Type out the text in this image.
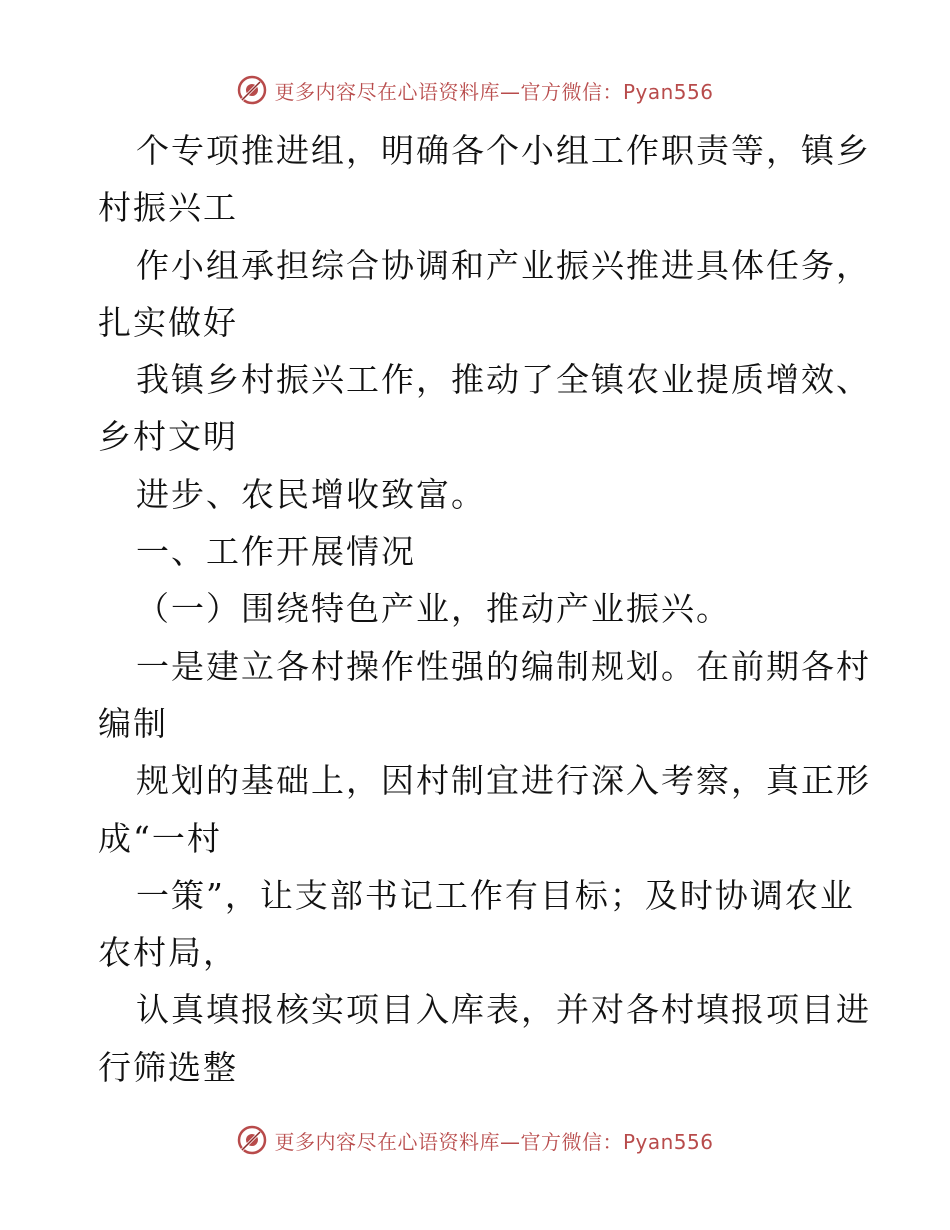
更多内容尽在心语资料库—官方微信：Pyan556
个专项推进组，明确各个小组工作职责等，镇乡
村振兴工
作小组承担综合协调和产业振兴推进具体任务，
扎实做好
我镇乡村振兴工作，推动了全镇农业提质增效、
乡村文明
进步、农民增收致富。
一、工作开展情况
（一）围绕特色产业，推动产业振兴。
一是建立各村操作性强的编制规划。在前期各村
编制
规划的基础上，因村制宜进行深入考察，真正形
成“一村
一策”，让支部书记工作有目标；及时协调农业
农村局，
认真填报核实项目入库表，并对各村填报项目进
行筛选整
更多内容尽在心语资料库—官方微信：Pyan556
